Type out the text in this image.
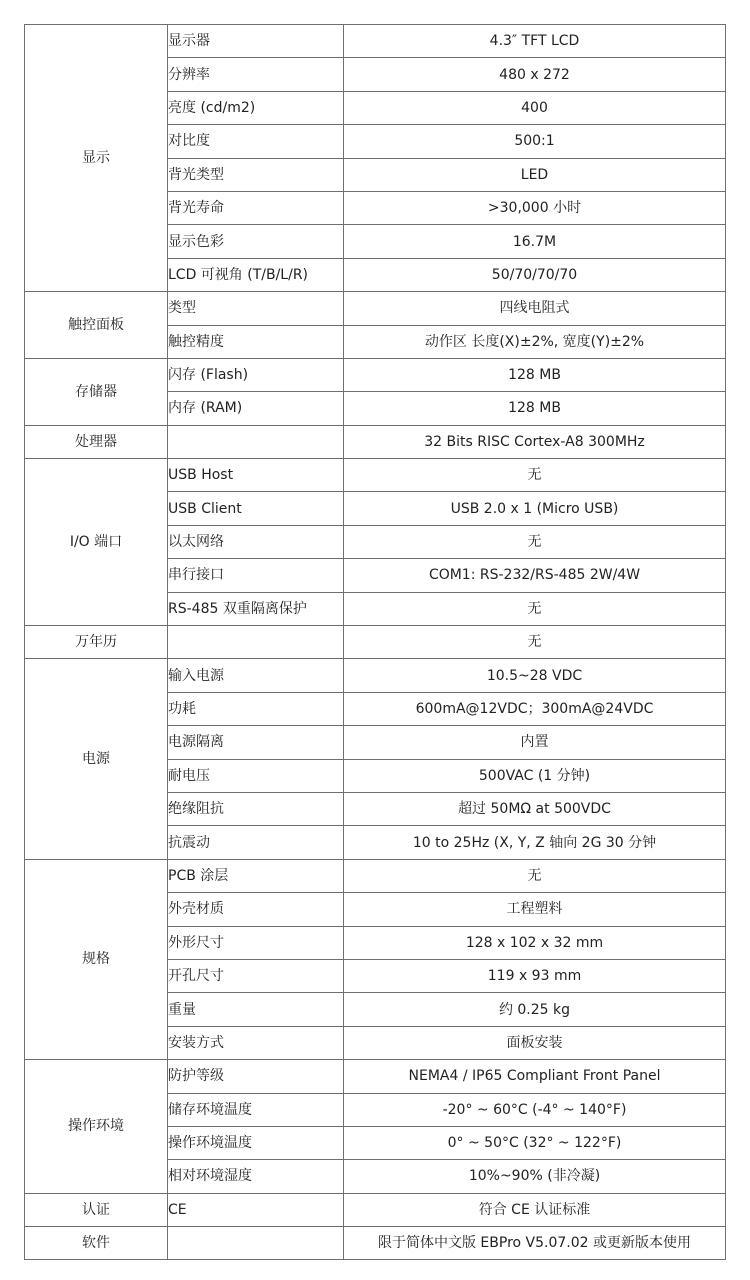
显示	显示器	4.3″ TFT LCD
	分辨率	480 x 272
	亮度 (cd/m2)	400
	对比度	500:1
	背光类型	LED
	背光寿命	>30,000 小时
	显示色彩	16.7M
	LCD 可视角 (T/B/L/R)	50/70/70/70
触控面板	类型	四线电阻式
	触控精度	动作区 长度(X)±2%, 宽度(Y)±2%
存储器	闪存 (Flash)	128 MB
	内存 (RAM)	128 MB
处理器		32 Bits RISC Cortex-A8 300MHz
I/O 端口	USB Host	无
	USB Client	USB 2.0 x 1 (Micro USB)
	以太网络	无
	串行接口	COM1: RS-232/RS-485 2W/4W
	RS-485 双重隔离保护	无
万年历		无
电源	输入电源	10.5~28 VDC
	功耗	600mA@12VDC；300mA@24VDC
	电源隔离	内置
	耐电压	500VAC (1 分钟)
	绝缘阻抗	超过 50MΩ at 500VDC
	抗震动	10 to 25Hz (X, Y, Z 轴向 2G 30 分钟
规格	PCB 涂层	无
	外壳材质	工程塑料
	外形尺寸	128 x 102 x 32 mm
	开孔尺寸	119 x 93 mm
	重量	约 0.25 kg
	安装方式	面板安装
操作环境	防护等级	NEMA4 / IP65 Compliant Front Panel
	储存环境温度	-20° ~ 60°C (-4° ~ 140°F)
	操作环境温度	0° ~ 50°C (32° ~ 122°F)
	相对环境湿度	10%~90% (非冷凝)
认证	CE	符合 CE 认证标准
软件		限于简体中文版 EBPro V5.07.02 或更新版本使用
